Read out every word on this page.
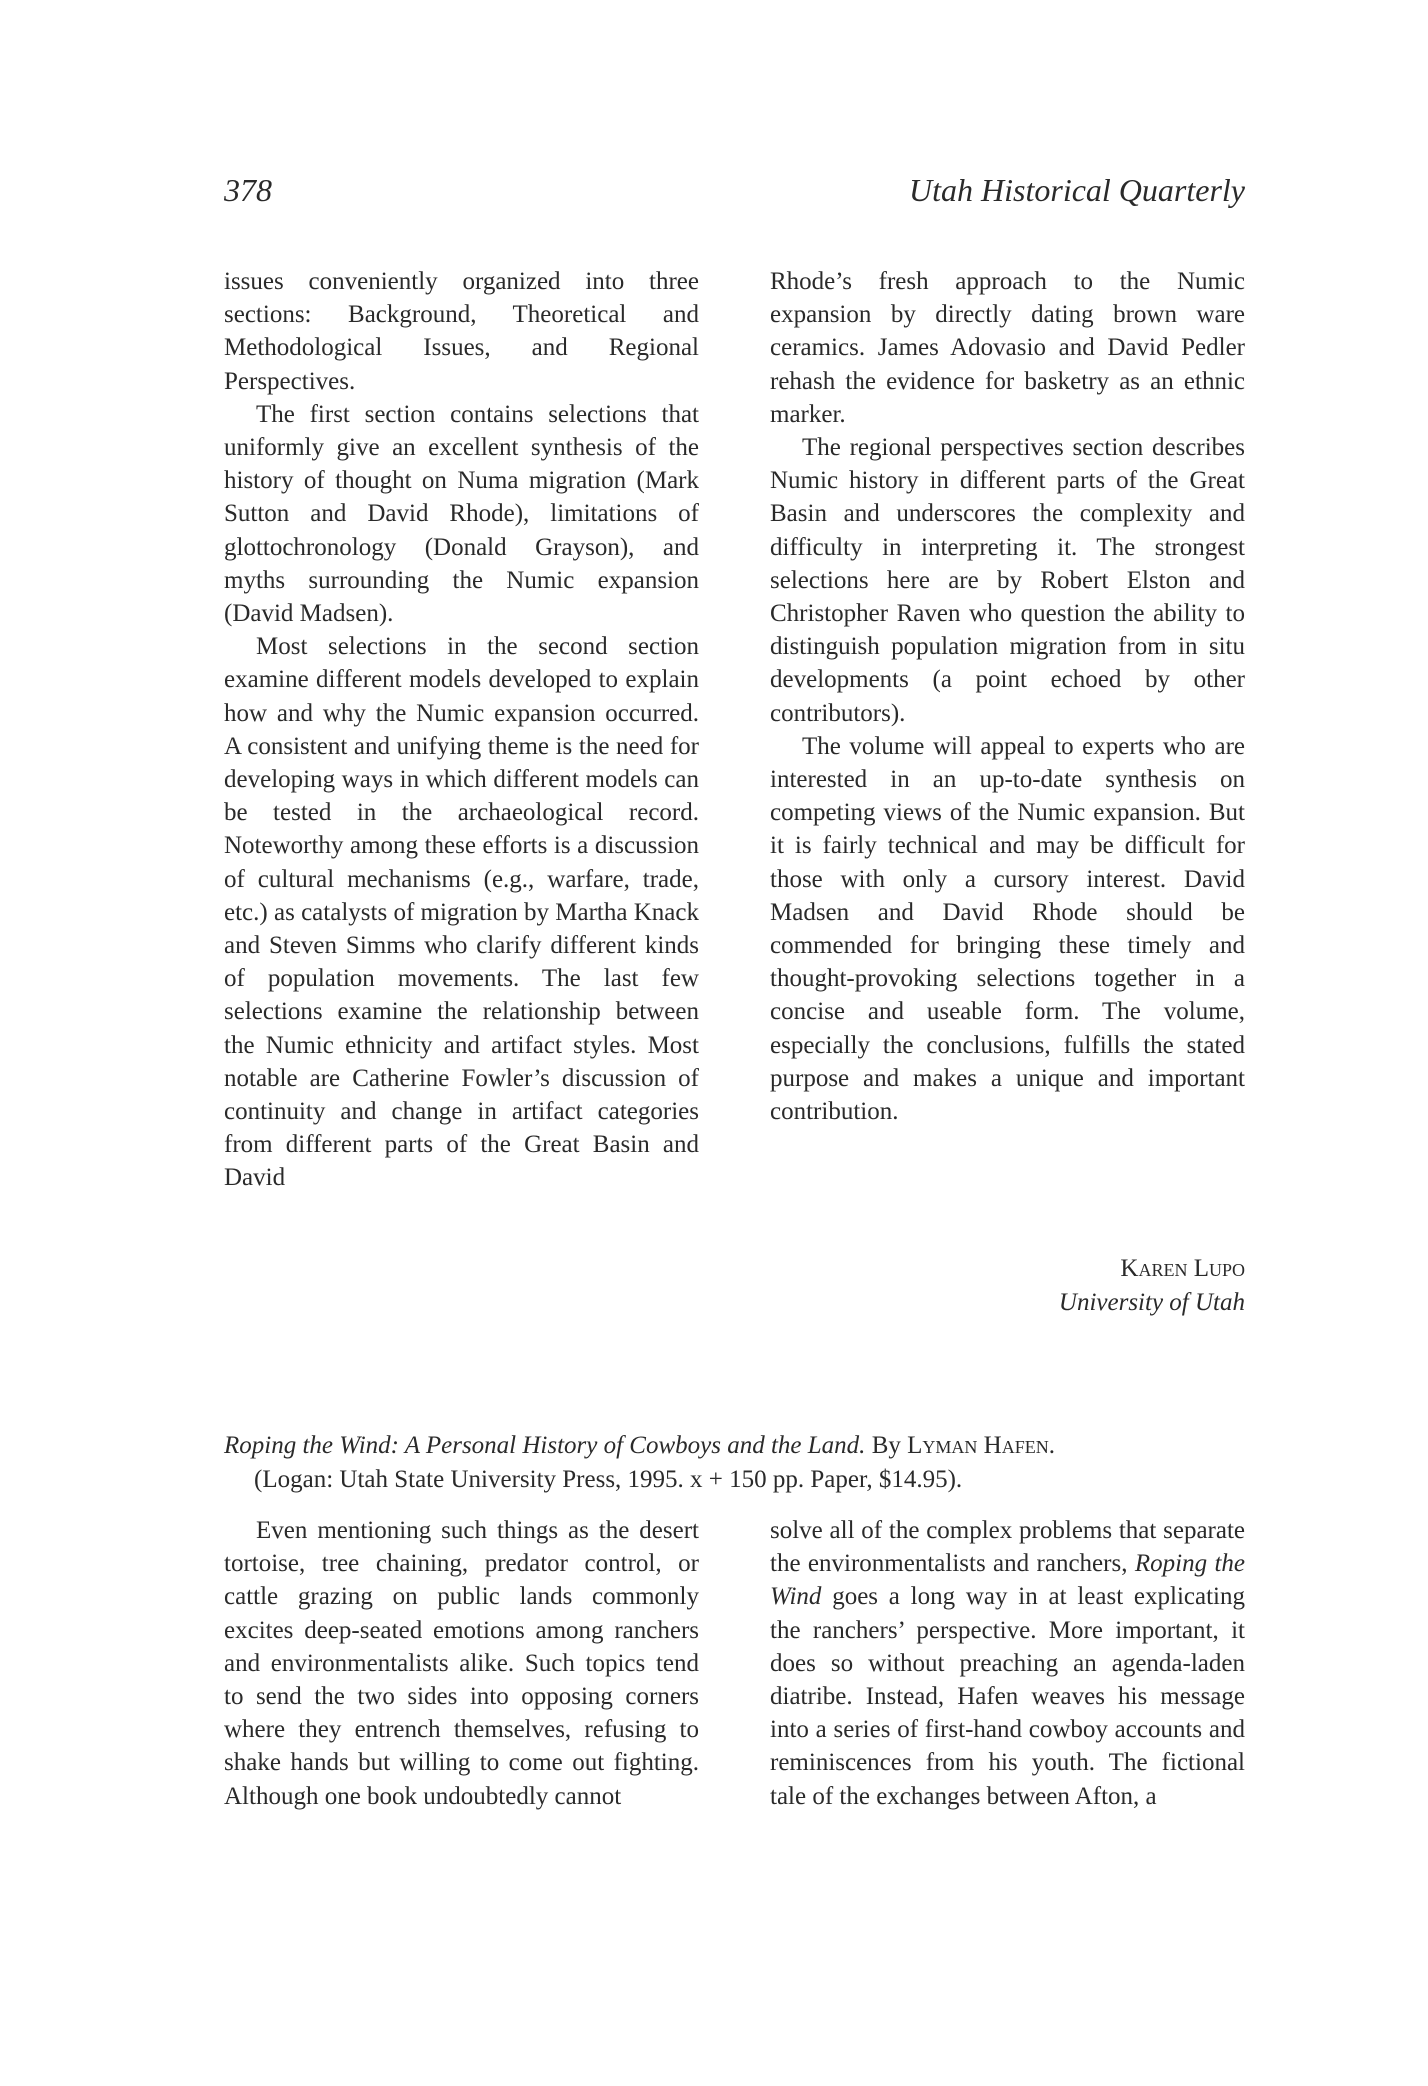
378	Utah Historical Quarterly

issues conveniently organized into three sections: Background, Theoretical and Methodological Issues, and Regional Perspectives.

The first section contains selections that uniformly give an excellent synthesis of the history of thought on Numa migration (Mark Sutton and David Rhode), limitations of glottochronology (Donald Grayson), and myths surrounding the Numic expansion (David Madsen).

Most selections in the second section examine different models developed to explain how and why the Numic expansion occurred. A consistent and unifying theme is the need for developing ways in which different models can be tested in the archaeological record. Noteworthy among these efforts is a discussion of cultural mechanisms (e.g., warfare, trade, etc.) as catalysts of migration by Martha Knack and Steven Simms who clarify different kinds of population movements. The last few selections examine the relationship between the Numic ethnicity and artifact styles. Most notable are Catherine Fowler’s discussion of continuity and change in artifact categories from different parts of the Great Basin and David

Rhode’s fresh approach to the Numic expansion by directly dating brown ware ceramics. James Adovasio and David Pedler rehash the evidence for basketry as an ethnic marker.

The regional perspectives section describes Numic history in different parts of the Great Basin and underscores the complexity and difficulty in interpreting it. The strongest selections here are by Robert Elston and Christopher Raven who question the ability to distinguish population migration from in situ developments (a point echoed by other contributors).

The volume will appeal to experts who are interested in an up-to-date synthesis on competing views of the Numic expansion. But it is fairly technical and may be difficult for those with only a cursory interest. David Madsen and David Rhode should be commended for bringing these timely and thought-provoking selections together in a concise and useable form. The volume, especially the conclusions, fulfills the stated purpose and makes a unique and important contribution.

Karen Lupo
University of Utah
Roping the Wind: A Personal History of Cowboys and the Land. By Lyman Hafen.
(Logan: Utah State University Press, 1995. x + 150 pp. Paper, $14.95).

Even mentioning such things as the desert tortoise, tree chaining, predator control, or cattle grazing on public lands commonly excites deep-seated emotions among ranchers and environmentalists alike. Such topics tend to send the two sides into opposing corners where they entrench themselves, refusing to shake hands but willing to come out fighting. Although one book undoubtedly cannot

solve all of the complex problems that separate the environmentalists and ranchers, Roping the Wind goes a long way in at least explicating the ranchers’ perspective. More important, it does so without preaching an agenda-laden diatribe. Instead, Hafen weaves his message into a series of first-hand cowboy accounts and reminiscences from his youth. The fictional tale of the exchanges between Afton, a
